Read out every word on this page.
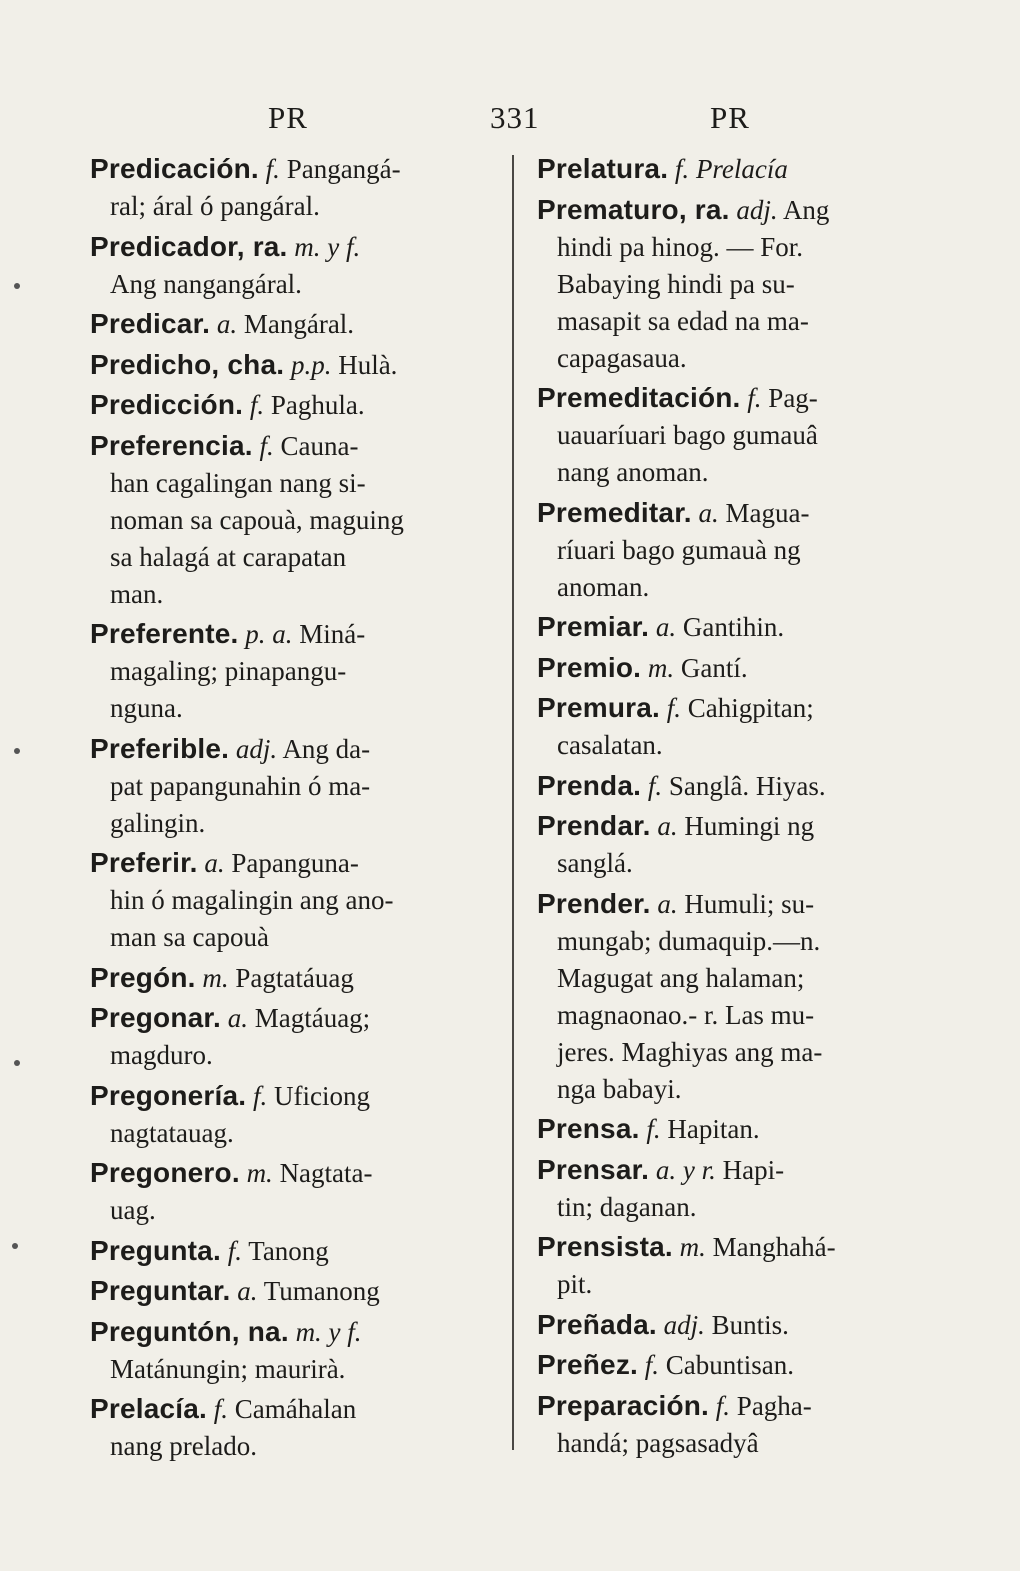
PR	331	PR
Predicación. f. Pangangá-
ral; áral ó pangáral.
Predicador, ra. m. y f.
Ang nangangáral.
Predicar. a. Mangáral.
Predicho, cha. p.p. Hulà.
Predicción. f. Paghula.
Preferencia. f. Cauna-
han cagalingan nang si-
noman sa capouà, maguing
sa halagá at carapatan
man.
Preferente. p. a. Miná-
magaling; pinapangu-
nguna.
Preferible. adj. Ang da-
pat papangunahin ó ma-
galingin.
Preferir. a. Papanguna-
hin ó magalingin ang ano-
man sa capouà
Pregón. m. Pagtatáuag
Pregonar. a. Magtáuag;
magduro.
Pregonería. f. Uficiong
nagtatauag.
Pregonero. m. Nagtata-
uag.
Pregunta. f. Tanong
Preguntar. a. Tumanong
Preguntón, na. m. y f.
Matánungin; maurirà.
Prelacía. f. Camáhalan
nang prelado.
Prelatura. f. Prelacía
Prematuro, ra. adj. Ang
hindi pa hinog. — For.
Babaying hindi pa su-
masapit sa edad na ma-
capagasaua.
Premeditación. f. Pag-
uauaríuari bago gumauâ
nang anoman.
Premeditar. a. Magua-
ríuari bago gumauà ng
anoman.
Premiar. a. Gantihin.
Premio. m. Gantí.
Premura. f. Cahigpitan;
casalatan.
Prenda. f. Sanglâ. Hiyas.
Prendar. a. Humingi ng
sanglá.
Prender. a. Humuli; su-
mungab; dumaquip.—n.
Magugat ang halaman;
magnaonao.- r. Las mu-
jeres. Maghiyas ang ma-
nga babayi.
Prensa. f. Hapitan.
Prensar. a. y r. Hapi-
tin; daganan.
Prensista. m. Manghahá-
pit.
Preñada. adj. Buntis.
Preñez. f. Cabuntisan.
Preparación. f. Pagha-
handá; pagsasadyâ
